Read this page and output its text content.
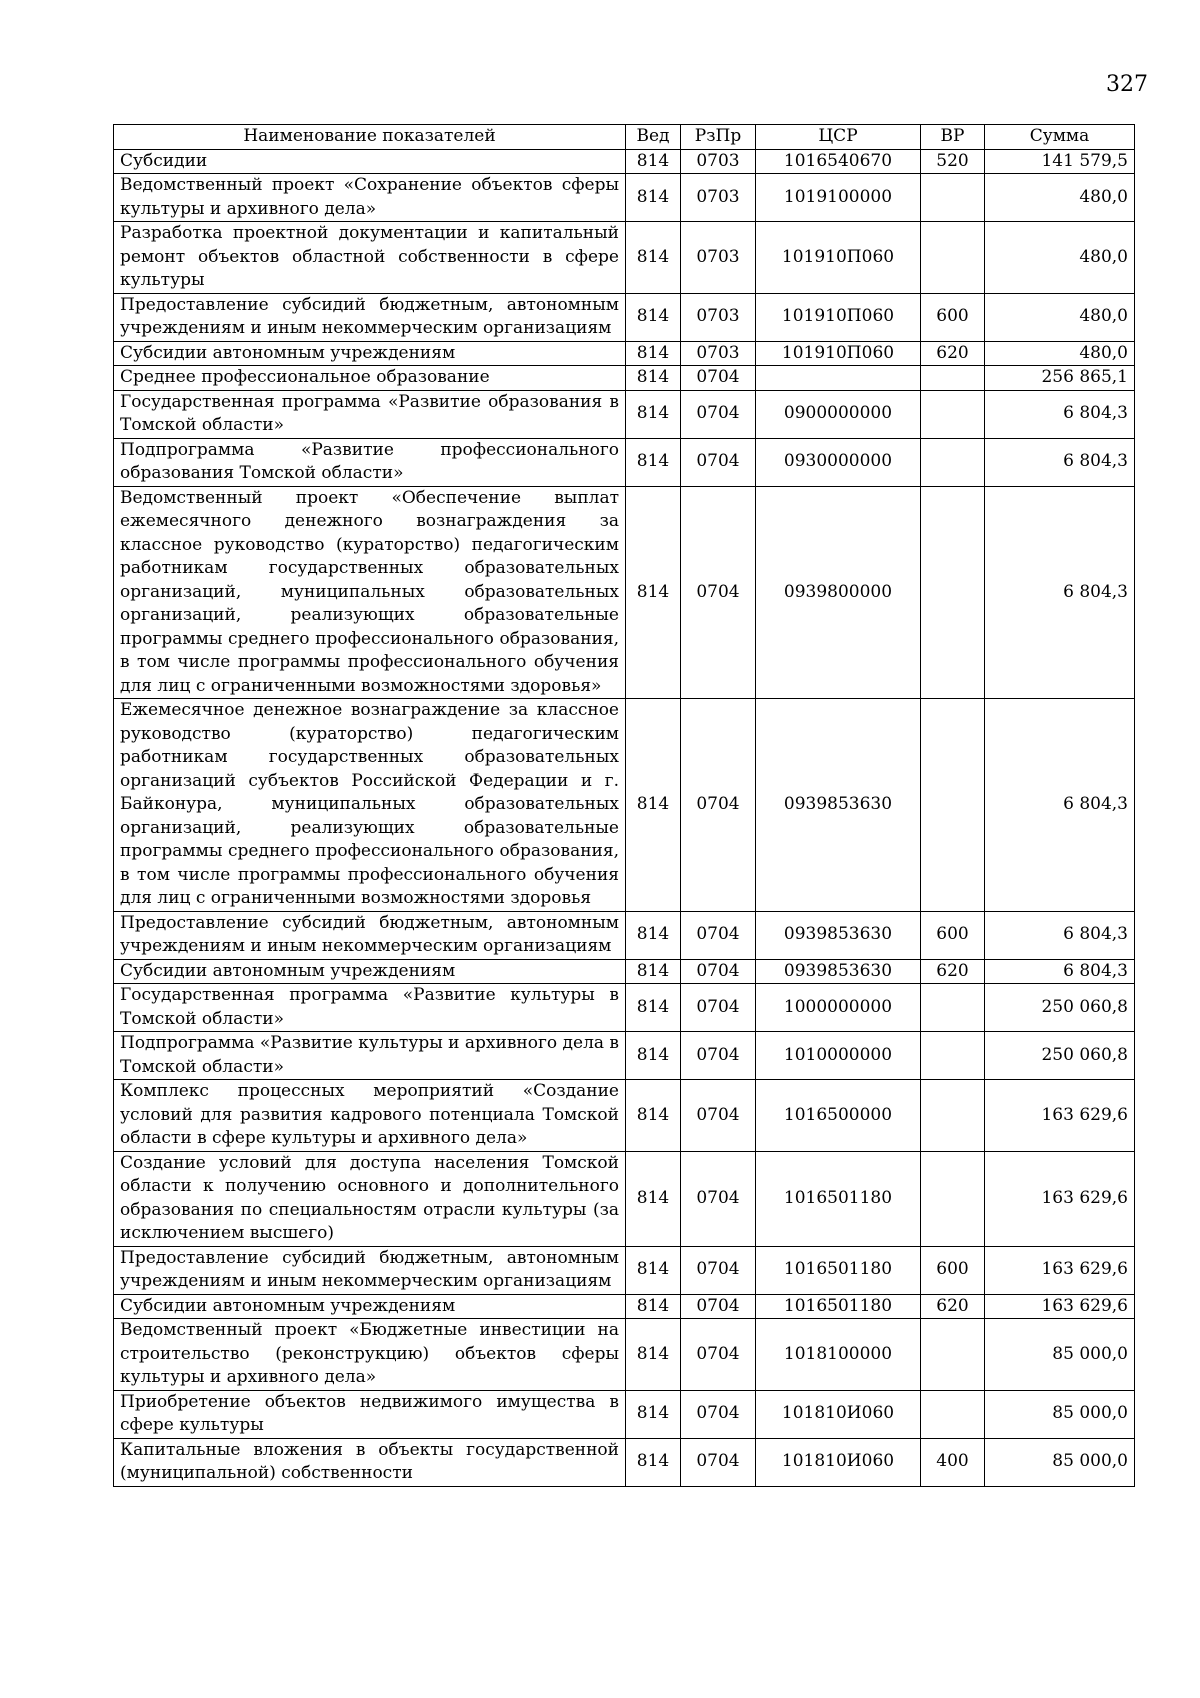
327
Наименование показателей	Вед	РзПр	ЦСР	ВР	Сумма
Субсидии	814	0703	1016540670	520	141 579,5
Ведомственный проект «Сохранение объектов сферы культуры и архивного дела»	814	0703	1019100000		480,0
Разработка проектной документации и капитальный ремонт объектов областной собственности в сфере культуры	814	0703	101910П060		480,0
Предоставление субсидий бюджетным, автономным учреждениям и иным некоммерческим организациям	814	0703	101910П060	600	480,0
Субсидии автономным учреждениям	814	0703	101910П060	620	480,0
Среднее профессиональное образование	814	0704			256 865,1
Государственная программа «Развитие образования в Томской области»	814	0704	0900000000		6 804,3
Подпрограмма «Развитие профессионального образования Томской области»	814	0704	0930000000		6 804,3
Ведомственный проект «Обеспечение выплат ежемесячного денежного вознаграждения за классное руководство (кураторство) педагогическим работникам государственных образовательных организаций, муниципальных образовательных организаций, реализующих образовательные программы среднего профессионального образования, в том числе программы профессионального обучения для лиц с ограниченными возможностями здоровья»	814	0704	0939800000		6 804,3
Ежемесячное денежное вознаграждение за классное руководство (кураторство) педагогическим работникам государственных образовательных организаций субъектов Российской Федерации и г. Байконура, муниципальных образовательных организаций, реализующих образовательные программы среднего профессионального образования, в том числе программы профессионального обучения для лиц с ограниченными возможностями здоровья	814	0704	0939853630		6 804,3
Предоставление субсидий бюджетным, автономным учреждениям и иным некоммерческим организациям	814	0704	0939853630	600	6 804,3
Субсидии автономным учреждениям	814	0704	0939853630	620	6 804,3
Государственная программа «Развитие культуры в Томской области»	814	0704	1000000000		250 060,8
Подпрограмма «Развитие культуры и архивного дела в Томской области»	814	0704	1010000000		250 060,8
Комплекс процессных мероприятий «Создание условий для развития кадрового потенциала Томской области в сфере культуры и архивного дела»	814	0704	1016500000		163 629,6
Создание условий для доступа населения Томской области к получению основного и дополнительного образования по специальностям отрасли культуры (за исключением высшего)	814	0704	1016501180		163 629,6
Предоставление субсидий бюджетным, автономным учреждениям и иным некоммерческим организациям	814	0704	1016501180	600	163 629,6
Субсидии автономным учреждениям	814	0704	1016501180	620	163 629,6
Ведомственный проект «Бюджетные инвестиции на строительство (реконструкцию) объектов сферы культуры и архивного дела»	814	0704	1018100000		85 000,0
Приобретение объектов недвижимого имущества в сфере культуры	814	0704	101810И060		85 000,0
Капитальные вложения в объекты государственной (муниципальной) собственности	814	0704	101810И060	400	85 000,0
